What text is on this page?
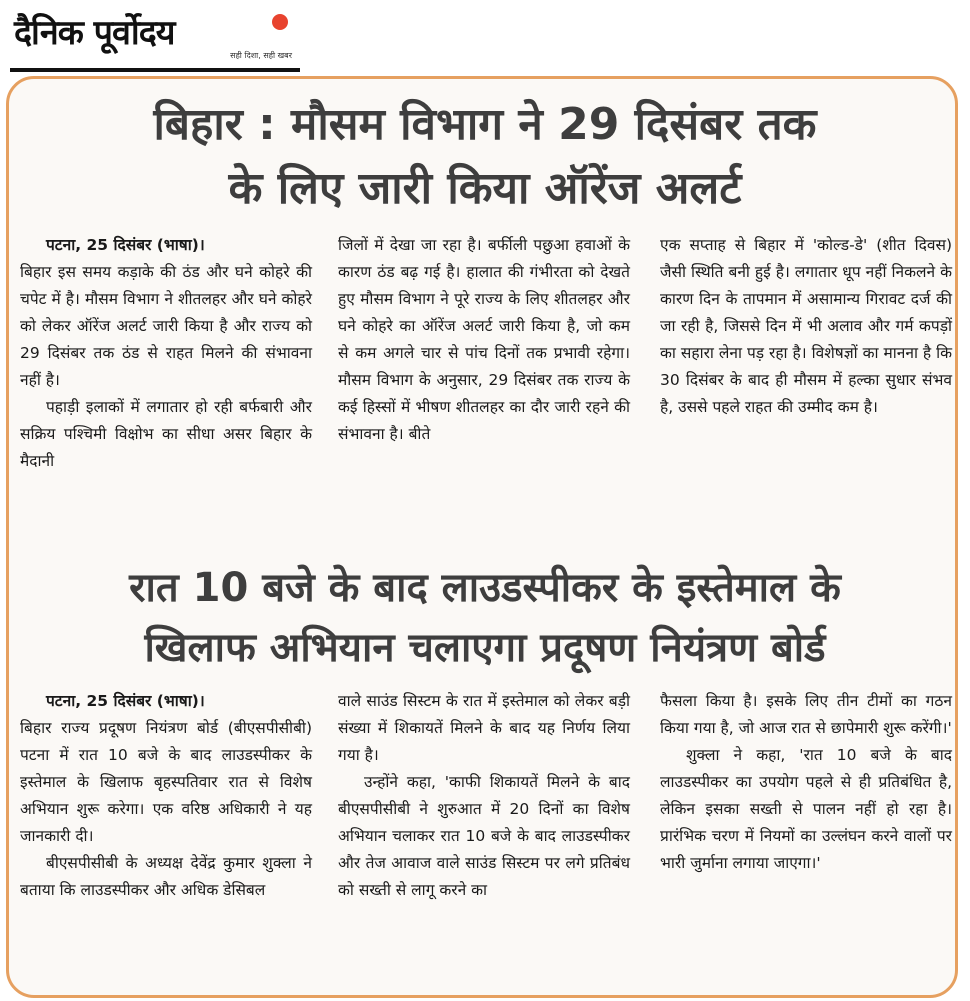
दैनिक पूर्वोदय
सही दिशा, सही खबर
बिहार : मौसम विभाग ने 29 दिसंबर तक
के लिए जारी किया ऑरेंज अलर्ट

पटना, 25 दिसंबर (भाषा)।

बिहार इस समय कड़ाके की ठंड और घने कोहरे की चपेट में है। मौसम विभाग ने शीतलहर और घने कोहरे को लेकर ऑरेंज अलर्ट जारी किया है और राज्य को 29 दिसंबर तक ठंड से राहत मिलने की संभावना नहीं है।

पहाड़ी इलाकों में लगातार हो रही बर्फबारी और सक्रिय पश्चिमी विक्षोभ का सीधा असर बिहार के मैदानी

जिलों में देखा जा रहा है। बर्फीली पछुआ हवाओं के कारण ठंड बढ़ गई है। हालात की गंभीरता को देखते हुए मौसम विभाग ने पूरे राज्य के लिए शीतलहर और घने कोहरे का ऑरेंज अलर्ट जारी किया है, जो कम से कम अगले चार से पांच दिनों तक प्रभावी रहेगा। मौसम विभाग के अनुसार, 29 दिसंबर तक राज्य के कई हिस्सों में भीषण शीतलहर का दौर जारी रहने की संभावना है। बीते

एक सप्ताह से बिहार में 'कोल्ड-डे' (शीत दिवस) जैसी स्थिति बनी हुई है। लगातार धूप नहीं निकलने के कारण दिन के तापमान में असामान्य गिरावट दर्ज की जा रही है, जिससे दिन में भी अलाव और गर्म कपड़ों का सहारा लेना पड़ रहा है। विशेषज्ञों का मानना है कि 30 दिसंबर के बाद ही मौसम में हल्का सुधार संभव है, उससे पहले राहत की उम्मीद कम है।

रात 10 बजे के बाद लाउडस्पीकर के इस्तेमाल के
खिलाफ अभियान चलाएगा प्रदूषण नियंत्रण बोर्ड

पटना, 25 दिसंबर (भाषा)।

बिहार राज्य प्रदूषण नियंत्रण बोर्ड (बीएसपीसीबी) पटना में रात 10 बजे के बाद लाउडस्पीकर के इस्तेमाल के खिलाफ बृहस्पतिवार रात से विशेष अभियान शुरू करेगा। एक वरिष्ठ अधिकारी ने यह जानकारी दी।

बीएसपीसीबी के अध्यक्ष देवेंद्र कुमार शुक्ला ने बताया कि लाउडस्पीकर और अधिक डेसिबल

वाले साउंड सिस्टम के रात में इस्तेमाल को लेकर बड़ी संख्या में शिकायतें मिलने के बाद यह निर्णय लिया गया है।

उन्होंने कहा, 'काफी शिकायतें मिलने के बाद बीएसपीसीबी ने शुरुआत में 20 दिनों का विशेष अभियान चलाकर रात 10 बजे के बाद लाउडस्पीकर और तेज आवाज वाले साउंड सिस्टम पर लगे प्रतिबंध को सख्ती से लागू करने का

फैसला किया है। इसके लिए तीन टीमों का गठन किया गया है, जो आज रात से छापेमारी शुरू करेंगी।'

शुक्ला ने कहा, 'रात 10 बजे के बाद लाउडस्पीकर का उपयोग पहले से ही प्रतिबंधित है, लेकिन इसका सख्ती से पालन नहीं हो रहा है। प्रारंभिक चरण में नियमों का उल्लंघन करने वालों पर भारी जुर्माना लगाया जाएगा।'
